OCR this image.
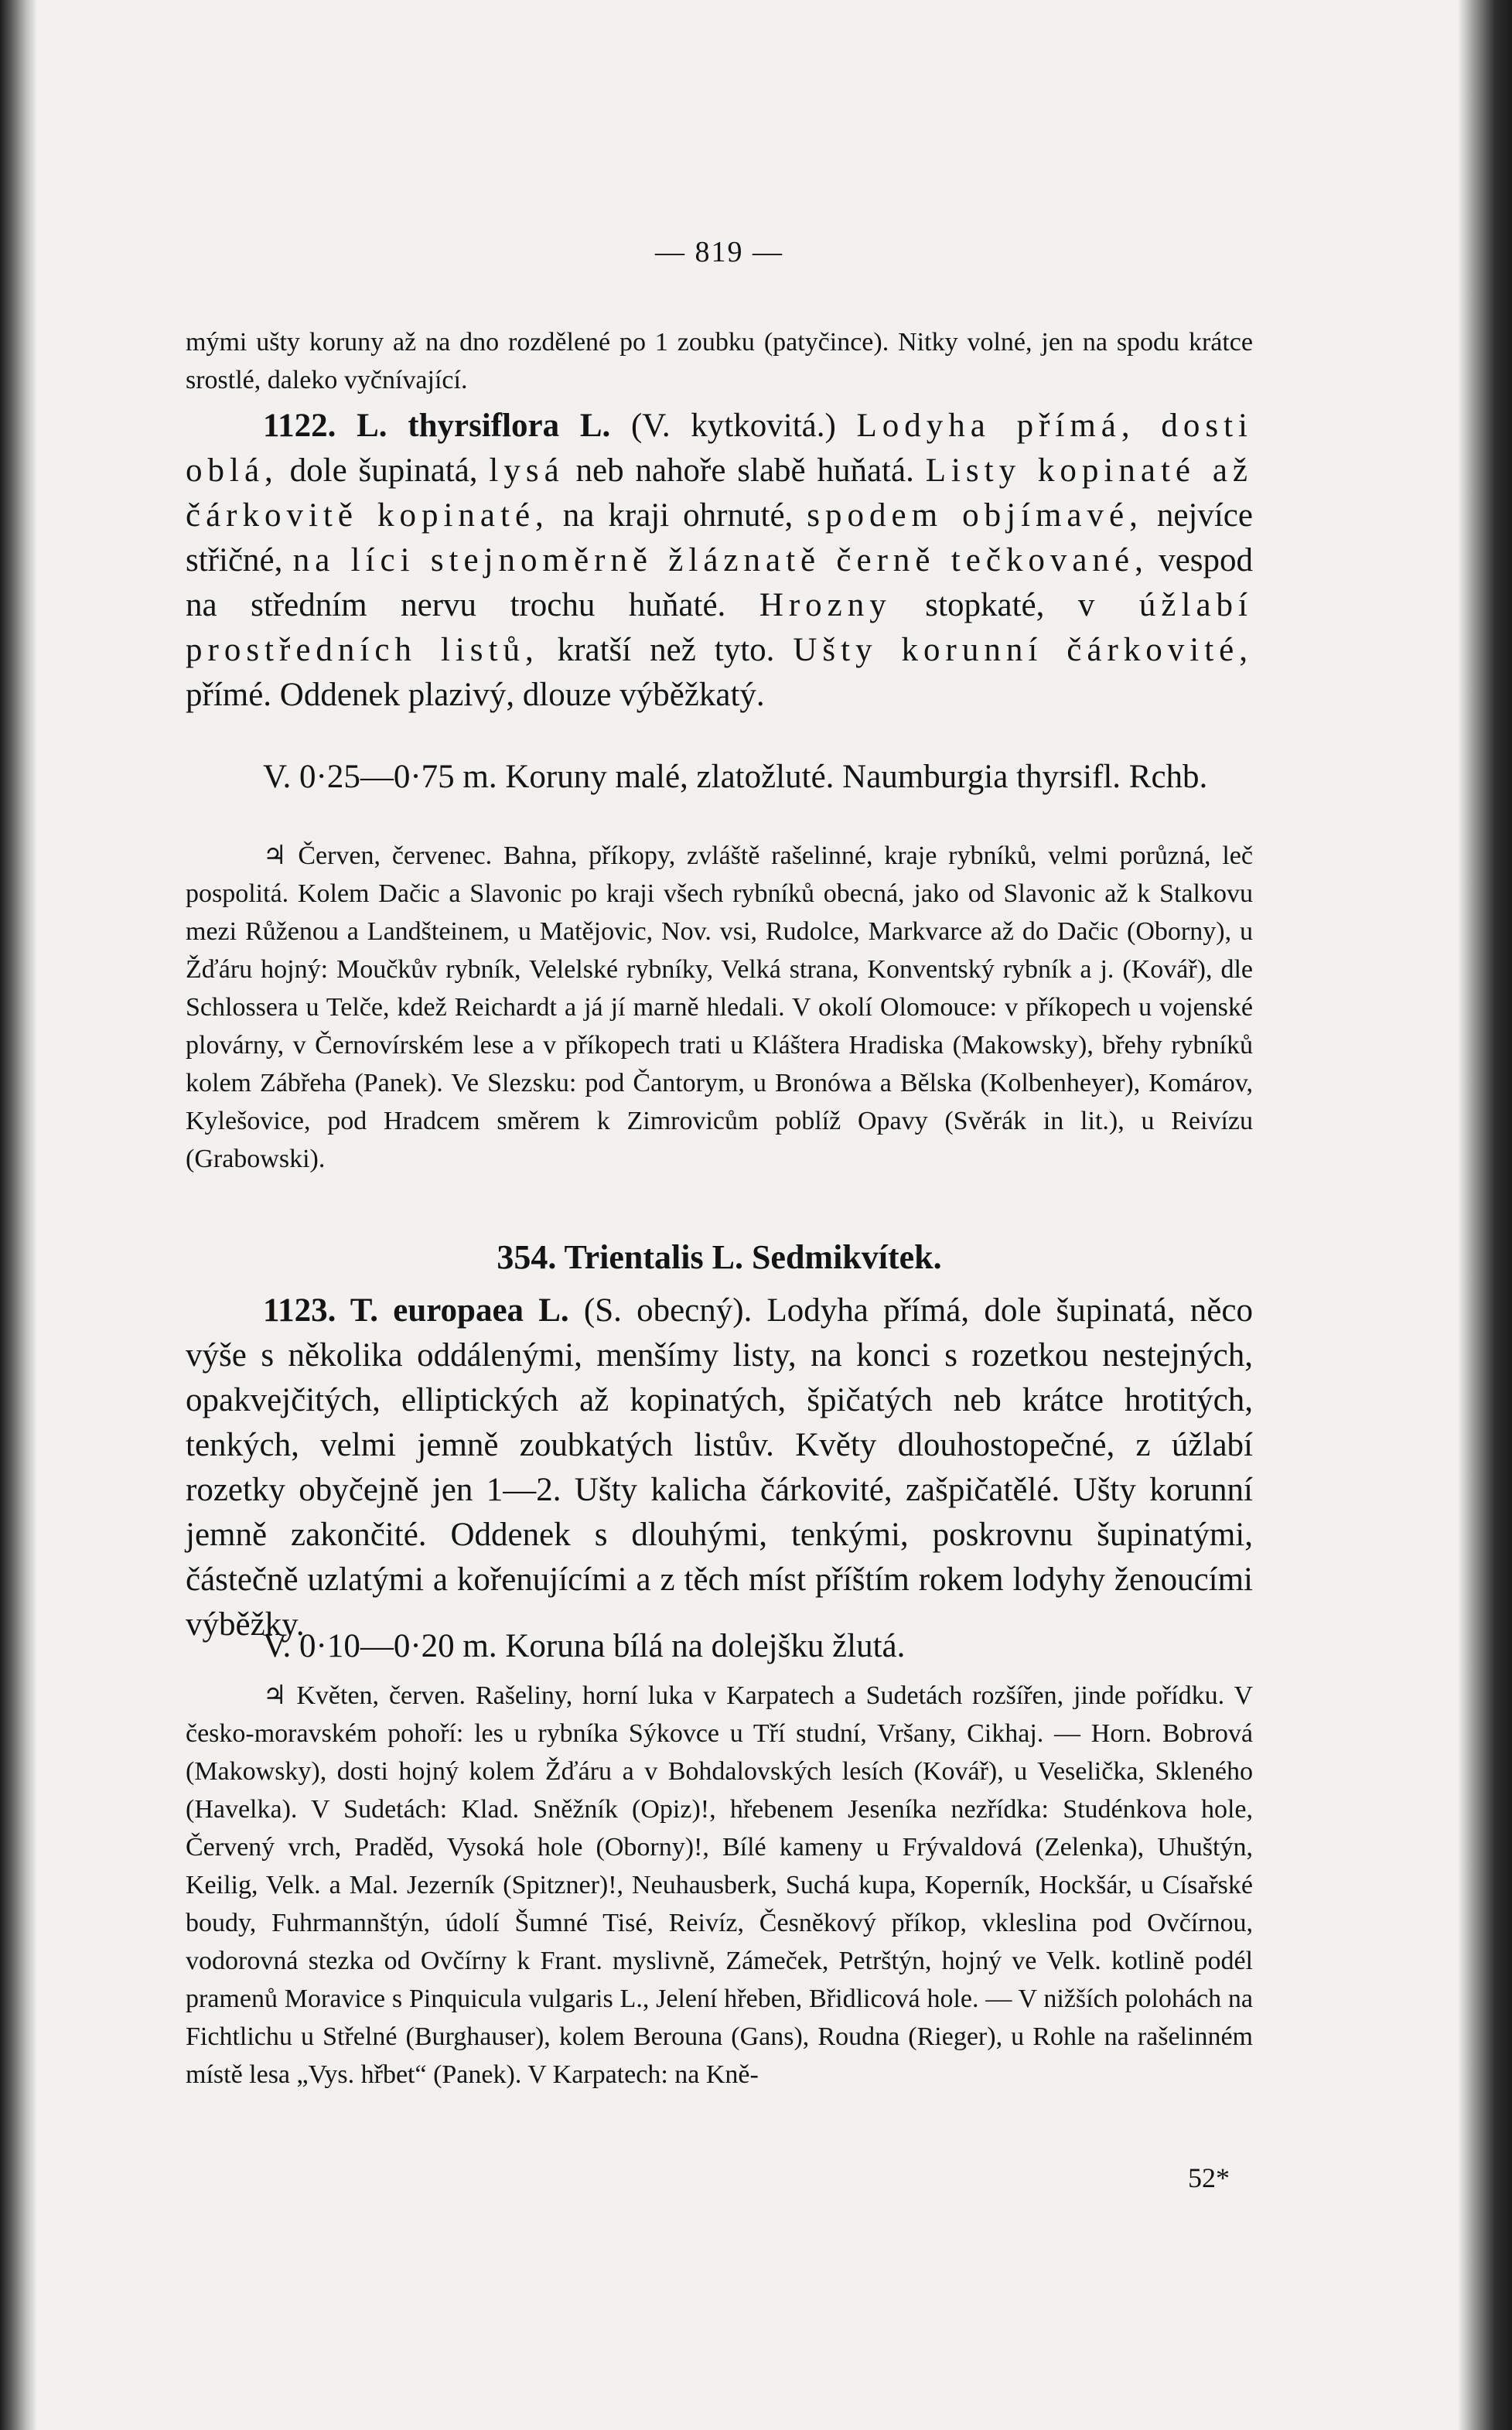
— 819 —
mými ušty koruny až na dno rozdělené po 1 zoubku (patyčince). Nitky volné, jen na spodu krátce srostlé, daleko vyčnívající.
1122. L. thyrsiflora L. (V. kytkovitá.) Lodyha přímá, dosti oblá, dole šupinatá, lysá neb nahoře slabě huňatá. Listy kopinaté až čárkovitě kopinaté, na kraji ohrnuté, spodem objímavé, nejvíce střičné, na líci stejnoměrně žláznatě černě tečkované, vespod na středním nervu trochu huňaté. Hrozny stopkaté, v úžlabí prostředních listů, kratší než tyto. Ušty korunní čárkovité, přímé. Oddenek plazivý, dlouze výběžkatý.
V. 0·25—0·75 m. Koruny malé, zlatožluté. Naumburgia thyrsifl. Rchb.
♃ Červen, červenec. Bahna, příkopy, zvláště rašelinné, kraje rybníků, velmi porůzná, leč pospolitá. Kolem Dačic a Slavonic po kraji všech rybníků obecná, jako od Slavonic až k Stalkovu mezi Růženou a Landšteinem, u Matějovic, Nov. vsi, Rudolce, Markvarce až do Dačic (Oborny), u Žďáru hojný: Moučkův rybník, Velelské rybníky, Velká strana, Konventský rybník a j. (Kovář), dle Schlossera u Telče, kdež Reichardt a já jí marně hledali. V okolí Olomouce: v příkopech u vojenské plovárny, v Černovírském lese a v příkopech trati u Kláštera Hradiska (Makowsky), břehy rybníků kolem Zábřeha (Panek). Ve Slezsku: pod Čantorym, u Bronówa a Bělska (Kolbenheyer), Komárov, Kylešovice, pod Hradcem směrem k Zimrovicům poblíž Opavy (Svěrák in lit.), u Reivízu (Grabowski).
354. Trientalis L. Sedmikvítek.
1123. T. europaea L. (S. obecný). Lodyha přímá, dole šupinatá, něco výše s několika oddálenými, menšímy listy, na konci s rozetkou nestejných, opakvejčitých, elliptických až kopinatých, špičatých neb krátce hrotitých, tenkých, velmi jemně zoubkatých listův. Květy dlouhostopečné, z úžlabí rozetky obyčejně jen 1—2. Ušty kalicha čárkovité, zašpičatělé. Ušty korunní jemně zakončité. Oddenek s dlouhými, tenkými, poskrovnu šupinatými, částečně uzlatými a kořenujícími a z těch míst příštím rokem lodyhy ženoucími výběžky.
V. 0·10—0·20 m. Koruna bílá na dolejšku žlutá.
♃ Květen, červen. Rašeliny, horní luka v Karpatech a Sudetách rozšířen, jinde pořídku. V česko-moravském pohoří: les u rybníka Sýkovce u Tří studní, Vršany, Cikhaj. — Horn. Bobrová (Makowsky), dosti hojný kolem Žďáru a v Bohdalovských lesích (Kovář), u Veselička, Skleného (Havelka). V Sudetách: Klad. Sněžník (Opiz)!, hřebenem Jeseníka nezřídka: Studénkova hole, Červený vrch, Praděd, Vysoká hole (Oborny)!, Bílé kameny u Frývaldová (Zelenka), Uhuštýn, Keilig, Velk. a Mal. Jezerník (Spitzner)!, Neuhausberk, Suchá kupa, Koperník, Hockšár, u Císařské boudy, Fuhrmannštýn, údolí Šumné Tisé, Reivíz, Česněkový příkop, vkleslina pod Ovčírnou, vodorovná stezka od Ovčírny k Frant. myslivně, Zámeček, Petrštýn, hojný ve Velk. kotlině podél pramenů Moravice s Pinquicula vulgaris L., Jelení hřeben, Břidlicová hole. — V nižších polohách na Fichtlichu u Střelné (Burghauser), kolem Berouna (Gans), Roudna (Rieger), u Rohle na rašelinném místě lesa „Vys. hřbet“ (Panek). V Karpatech: na Kně-
52*
